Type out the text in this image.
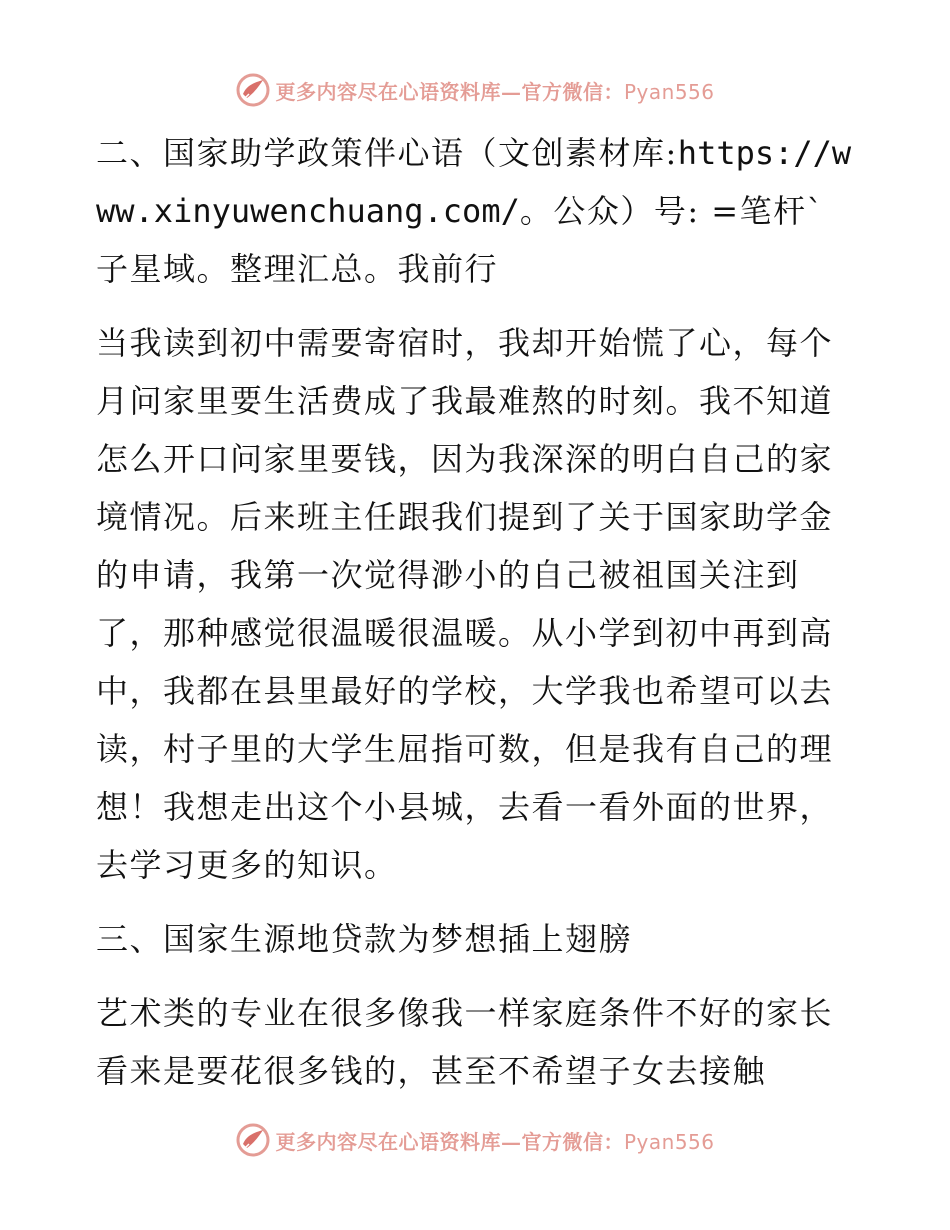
更多内容尽在心语资料库—官方微信：Pyan556

二、国家助学政策伴心语（文创素材库:https://www.xinyuwenchuang.com/。公众）号: =笔杆`子星域。整理汇总。我前行

当我读到初中需要寄宿时，我却开始慌了心，每个月问家里要生活费成了我最难熬的时刻。我不知道怎么开口问家里要钱，因为我深深的明白自己的家境情况。后来班主任跟我们提到了关于国家助学金的申请，我第一次觉得渺小的自己被祖国关注到了，那种感觉很温暖很温暖。从小学到初中再到高中，我都在县里最好的学校，大学我也希望可以去读，村子里的大学生屈指可数，但是我有自己的理想！我想走出这个小县城，去看一看外面的世界，去学习更多的知识。

三、国家生源地贷款为梦想插上翅膀

艺术类的专业在很多像我一样家庭条件不好的家长看来是要花很多钱的，甚至不希望子女去接触

更多内容尽在心语资料库—官方微信：Pyan556
